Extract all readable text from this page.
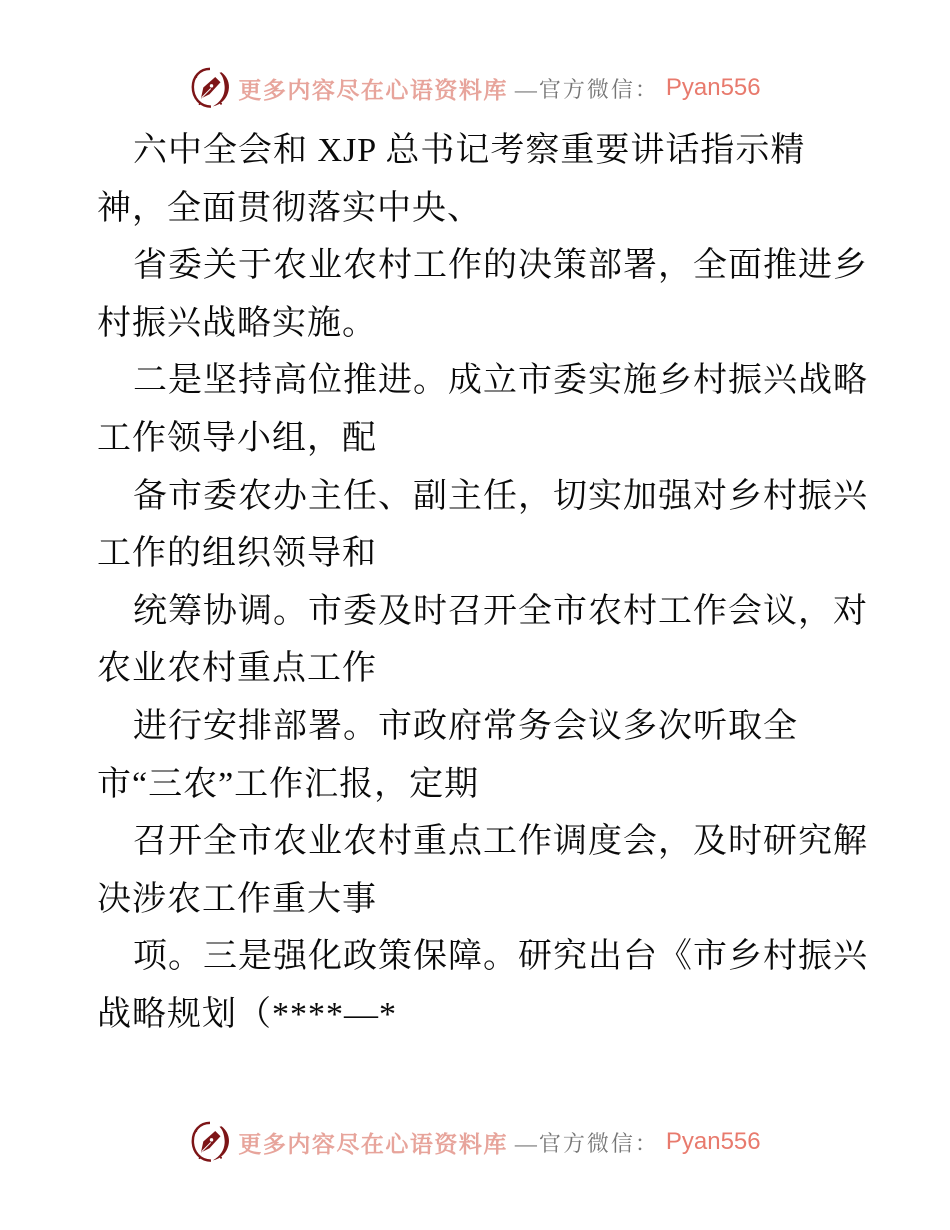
更多内容尽在心语资料库 —官方微信： Pyan556
六中全会和 XJP 总书记考察重要讲话指示精
神，全面贯彻落实中央、
省委关于农业农村工作的决策部署，全面推进乡
村振兴战略实施。
二是坚持高位推进。成立市委实施乡村振兴战略
工作领导小组，配
备市委农办主任、副主任，切实加强对乡村振兴
工作的组织领导和
统筹协调。市委及时召开全市农村工作会议，对
农业农村重点工作
进行安排部署。市政府常务会议多次听取全
市“三农”工作汇报，定期
召开全市农业农村重点工作调度会，及时研究解
决涉农工作重大事
项。三是强化政策保障。研究出台《市乡村振兴
战略规划（****—*
更多内容尽在心语资料库 —官方微信： Pyan556
